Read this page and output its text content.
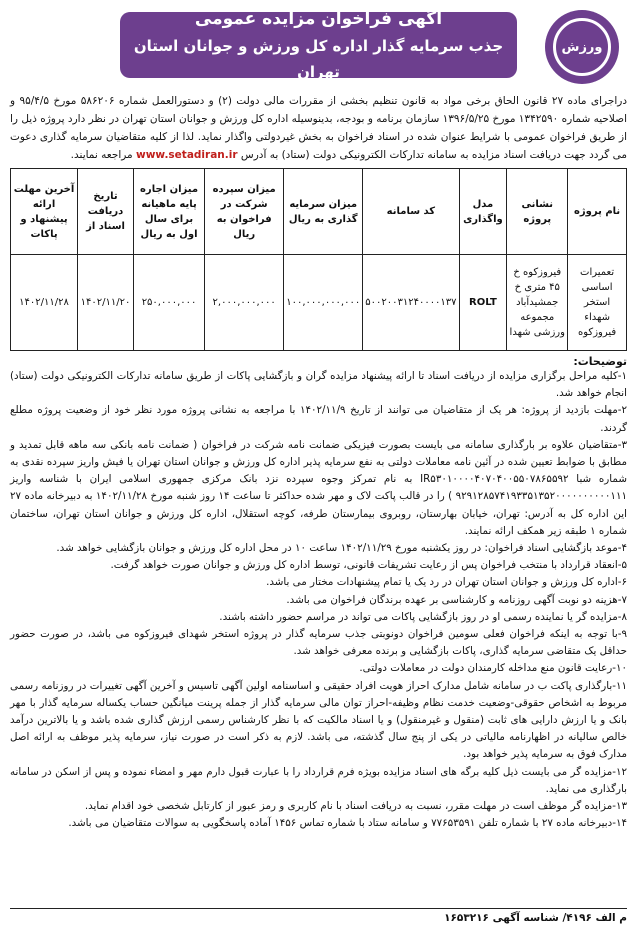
ورزش
آگهی فراخوان مزایده عمومی
جذب سرمایه گذار اداره کل ورزش و جوانان استان تهران
دراجرای ماده ۲۷ قانون الحاق برخی مواد به قانون تنظیم بخشی از مقررات مالی دولت (۲) و دستورالعمل شماره ۵۸۶۲۰۶ مورخ ۹۵/۴/۵ و اصلاحیه شماره ۱۳۴۲۵۹۰ مورخ ۱۳۹۶/۵/۲۵ سازمان برنامه و بودجه، بدینوسیله اداره کل ورزش و جوانان استان تهران در نظر دارد پروژه ذیل را از طریق فراخوان عمومی با شرایط عنوان شده در اسناد فراخوان به بخش غیردولتی واگذار نماید. لذا از کلیه متقاضیان سرمایه گذاری دعوت می گردد جهت دریافت اسناد مزایده به سامانه تدارکات الکترونیکی دولت (ستاد) به آدرس www.setadiran.ir مراجعه نمایند.
نام پروژه	نشانی پروژه	مدل واگذاری	کد سامانه	میزان سرمایه گذاری به ریال	میزان سپرده شرکت در فراخوان به ریال	میزان اجاره پایه ماهیانه برای سال اول به ریال	تاریخ دریافت اسناد از	آخرین مهلت ارائه پیشنهاد و پاکات
تعمیرات اساسی استخر شهداء فیروزکوه	فیروزکوه خ ۴۵ متری خ جمشیدآباد مجموعه ورزشی شهدا	ROLT	۵۰۰۲۰۰۳۱۲۴۰۰۰۰۱۳۷	۱۰۰,۰۰۰,۰۰۰,۰۰۰	۲,۰۰۰,۰۰۰,۰۰۰	۲۵۰,۰۰۰,۰۰۰	۱۴۰۲/۱۱/۲۰	۱۴۰۲/۱۱/۲۸
توضیحات:

۱-کلیه مراحل برگزاری مزایده از دریافت اسناد تا ارائه پیشنهاد مزایده گران و بازگشایی پاکات از طریق سامانه تدارکات الکترونیکی دولت (ستاد) انجام خواهد شد.

۲-مهلت بازدید از پروژه: هر یک از متقاضیان می توانند از تاریخ ۱۴۰۲/۱۱/۹ با مراجعه به نشانی پروژه مورد نظر خود از وضعیت پروژه مطلع گردند.

۳-متقاضیان علاوه بر بارگذاری سامانه می بایست بصورت فیزیکی ضمانت نامه شرکت در فراخوان ( ضمانت نامه بانکی سه ماهه قابل تمدید و مطابق با ضوابط تعیین شده در آئین نامه معاملات دولتی به نفع سرمایه پذیر اداره کل ورزش و جوانان استان تهران یا فیش واریز سپرده نقدی به شماره شبا IR۵۳۰۱۰۰۰۰۴۰۷۰۴۰۰۵۵۰۷۸۶۵۵۹۲ به نام تمرکز وجوه سپرده نزد بانک مرکزی جمهوری اسلامی ایران با شناسه واریز ۹۲۹۱۲۸۵۷۴۱۹۳۳۵۱۳۵۲۰۰۰۰۰۰۰۰۰۰۱۱۱ ) را در قالب پاکت لاک و مهر شده حداکثر تا ساعت ۱۴ روز شنبه مورخ ۱۴۰۲/۱۱/۲۸ به دبیرخانه ماده ۲۷ این اداره کل به آدرس: تهران، خیابان بهارستان، روبروی بیمارستان طرفه، کوچه استقلال، اداره کل ورزش و جوانان استان تهران، ساختمان شماره ۱ طبقه زیر همکف ارائه نمایند.

۴-موعد بازگشایی اسناد فراخوان: در روز یکشنبه مورخ ۱۴۰۲/۱۱/۲۹ ساعت ۱۰ در محل اداره کل ورزش و جوانان بازگشایی خواهد شد.

۵-انعقاد قرارداد با منتخب فراخوان پس از رعایت تشریفات قانونی، توسط اداره کل ورزش و جوانان صورت خواهد گرفت.

۶-اداره کل ورزش و جوانان استان تهران در رد یک یا تمام پیشنهادات مختار می باشد.

۷-هزینه دو نوبت آگهی روزنامه و کارشناسی بر عهده برندگان فراخوان می باشد.

۸-مزایده گر یا نماینده رسمی او در روز بازگشایی پاکات می تواند در مراسم حضور داشته باشند.

۹-با توجه به اینکه فراخوان فعلی سومین فراخوان دونوبتی جذب سرمایه گذار در پروژه استخر شهدای فیروزکوه می باشد، در صورت حضور حداقل یک متقاضی سرمایه گذاری، پاکات بازگشایی و برنده معرفی خواهد شد.

۱۰-رعایت قانون منع مداخله کارمندان دولت در معاملات دولتی.

۱۱-بارگذاری پاکت ب در سامانه شامل مدارک احراز هویت افراد حقیقی و اساسنامه اولین آگهی تاسیس و آخرین آگهی تغییرات در روزنامه رسمی مربوط به اشخاص حقوقی-وضعیت خدمت نظام وظیفه-احراز توان مالی سرمایه گذار از جمله پرینت میانگین حساب یکساله سرمایه گذار با مهر بانک و یا ارزش دارایی های ثابت (منقول و غیرمنقول) و یا اسناد مالکیت که با نظر کارشناس رسمی ارزش گذاری شده باشد و یا بالاترین درآمد خالص سالیانه در اظهارنامه مالیاتی در یکی از پنج سال گذشته، می باشد. لازم به ذکر است در صورت نیاز، سرمایه پذیر موظف به ارائه اصل مدارک فوق به سرمایه پذیر خواهد بود.

۱۲-مزایده گر می بایست ذیل کلیه برگه های اسناد مزایده بویژه فرم قرارداد را با عبارت قبول دارم مهر و امضاء نموده و پس از اسکن در سامانه بارگذاری می نماید.

۱۳-مزایده گر موظف است در مهلت مقرر، نسبت به دریافت اسناد با نام کاربری و رمز عبور از کارتابل شخصی خود اقدام نماید.

۱۴-دبیرخانه ماده ۲۷ با شماره تلفن ۷۷۶۵۳۵۹۱ و سامانه ستاد با شماره تماس ۱۴۵۶ آماده پاسخگویی به سوالات متقاضیان می باشد.

م الف ۴۱۹۶/ شناسه آگهی ۱۶۵۳۲۱۶
